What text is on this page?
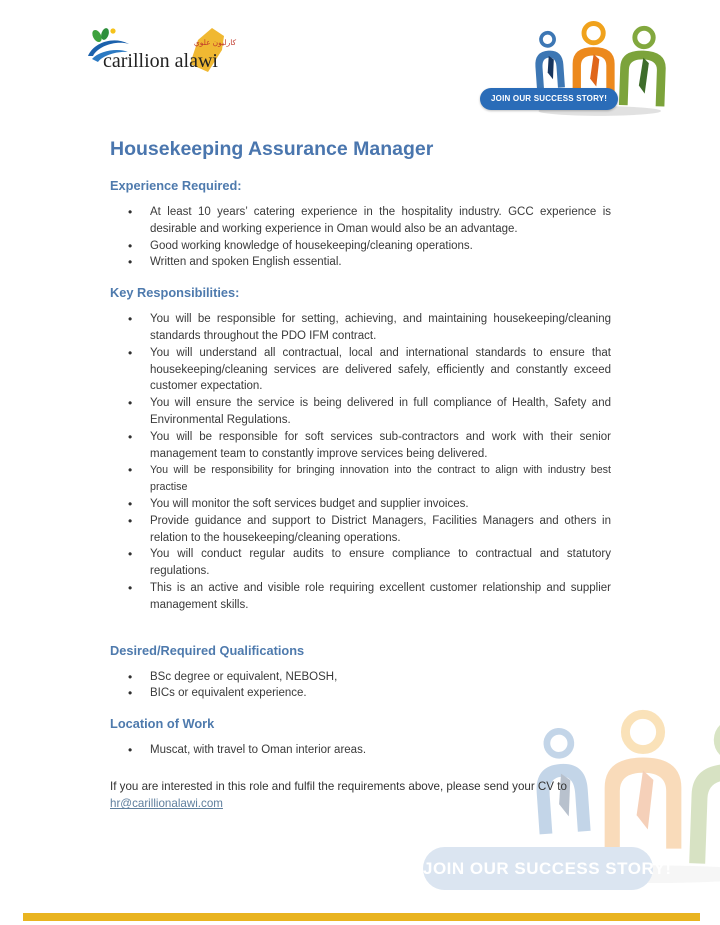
JOIN OUR SUCCESS STORY!
كارليون علوي
carillion alawi
JOIN OUR SUCCESS STORY!
Housekeeping Assurance Manager
Experience Required:
• At least 10 years’ catering experience in the hospitality industry. GCC experience is desirable and working experience in Oman would also be an advantage.
• Good working knowledge of housekeeping/cleaning operations.
• Written and spoken English essential.
Key Responsibilities:
• You will be responsible for setting, achieving, and maintaining housekeeping/cleaning standards throughout the PDO IFM contract.
• You will understand all contractual, local and international standards to ensure that housekeeping/cleaning services are delivered safely, efficiently and constantly exceed customer expectation.
• You will ensure the service is being delivered in full compliance of Health, Safety and Environmental Regulations.
• You will be responsible for soft services sub-contractors and work with their senior management team to constantly improve services being delivered.
• You will be responsibility for bringing innovation into the contract to align with industry best practise
• You will monitor the soft services budget and supplier invoices.
• Provide guidance and support to District Managers, Facilities Managers and others in relation to the housekeeping/cleaning operations.
• You will conduct regular audits to ensure compliance to contractual and statutory regulations.
• This is an active and visible role requiring excellent customer relationship and supplier management skills.
Desired/Required Qualifications
• BSc degree or equivalent, NEBOSH,
• BICs or equivalent experience.
Location of Work
• Muscat, with travel to Oman interior areas.

If you are interested in this role and fulfil the requirements above, please send your CV to
hr@carillionalawi.com
